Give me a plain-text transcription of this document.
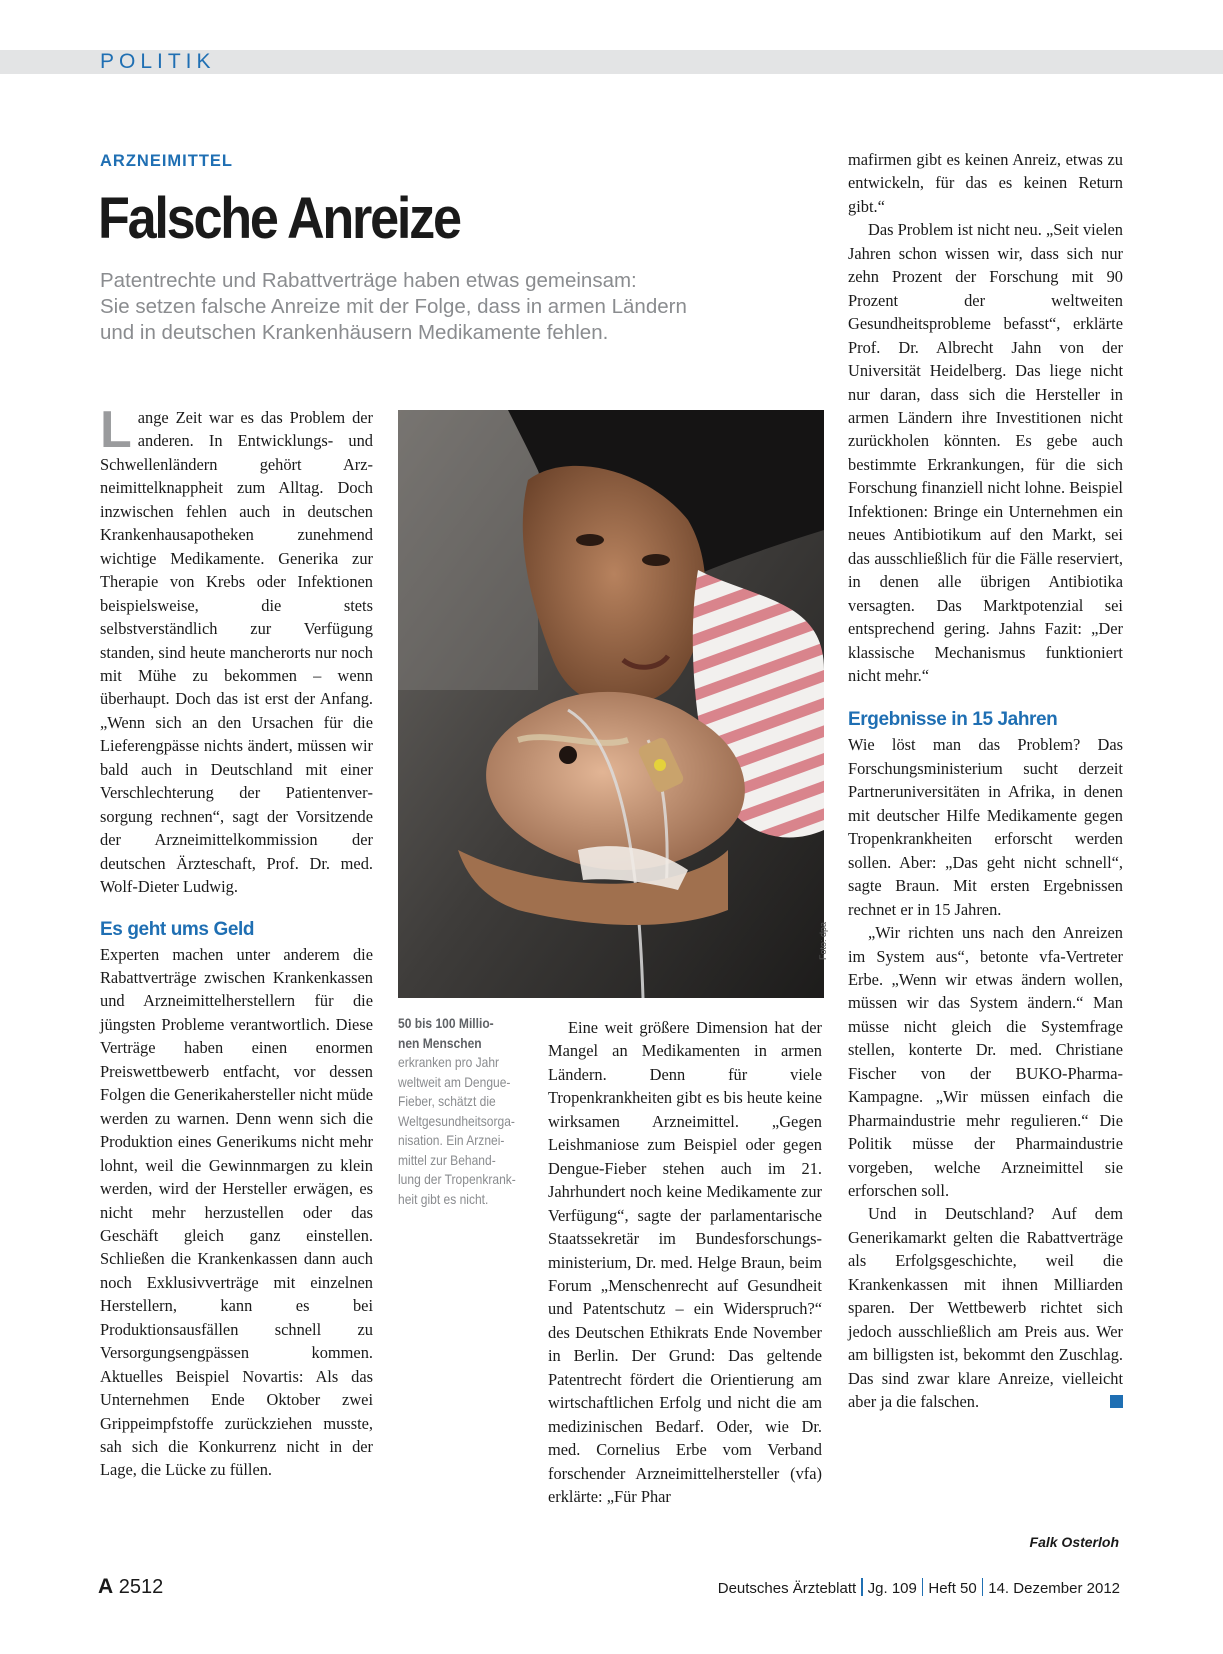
POLITIK
ARZNEIMITTEL
Falsche Anreize
Patentrechte und Rabattverträge haben etwas gemeinsam:
Sie setzen falsche Anreize mit der Folge, dass in armen Ländern
und in deutschen Krankenhäusern Medikamente fehlen.

Lange Zeit war es das Problem der anderen. In Entwicklungs- und Schwellenländern gehört Arzneimittelknappheit zum Alltag. Doch inzwischen fehlen auch in deutschen Krankenhausapotheken zunehmend wichtige Medikamente. Generika zur Therapie von Krebs oder Infektionen beispielsweise, die stets selbstverständlich zur Verfügung standen, sind heute mancherorts nur noch mit Mühe zu bekommen – wenn überhaupt. Doch das ist erst der Anfang. „Wenn sich an den Ursachen für die Lieferengpässe nichts ändert, müssen wir bald auch in Deutschland mit einer Verschlechterung der Patientenversorgung rechnen“, sagt der Vorsitzende der Arzneimittelkommission der deutschen Ärzteschaft, Prof. Dr. med. Wolf-Dieter Ludwig.

Es geht ums Geld

Experten machen unter anderem die Rabattverträge zwischen Krankenkassen und Arzneimittelherstellern für die jüngsten Probleme verantwortlich. Diese Verträge haben einen enormen Preiswettbewerb entfacht, vor dessen Folgen die Generikahersteller nicht müde werden zu warnen. Denn wenn sich die Produktion eines Generikums nicht mehr lohnt, weil die Gewinnmargen zu klein werden, wird der Hersteller erwägen, es nicht mehr herzustellen oder das Geschäft gleich ganz einstellen. Schließen die Krankenkassen dann auch noch Exklusivverträge mit einzelnen Herstellern, kann es bei Produktionsausfällen schnell zu Versorgungsengpässen kommen. Aktuelles Beispiel Novartis: Als das Unternehmen Ende Oktober zwei Grippeimpfstoffe zurückziehen musste, sah sich die Konkurrenz nicht in der Lage, die Lücke zu füllen.

Foto: dpa
50 bis 100 Millio-
nen Menschen
erkranken pro Jahr
weltweit am Dengue-
Fieber, schätzt die
Weltgesundheitsorga-
nisation. Ein Arznei-
mittel zur Behand-
lung der Tropenkrank-
heit gibt es nicht.

Eine weit größere Dimension hat der Mangel an Medikamenten in armen Ländern. Denn für viele Tropenkrankheiten gibt es bis heute keine wirksamen Arzneimittel. „Gegen Leishmaniose zum Beispiel oder gegen Dengue-Fieber stehen auch im 21. Jahrhundert noch keine Medikamente zur Verfügung“, sagte der parlamentarische Staatssekretär im Bundesforschungsministerium, Dr. med. Helge Braun, beim Forum „Menschenrecht auf Gesundheit und Patentschutz – ein Widerspruch?“ des Deutschen Ethikrats Ende November in Berlin. Der Grund: Das geltende Patentrecht fördert die Orientierung am wirtschaftlichen Erfolg und nicht die am medizinischen Bedarf. Oder, wie Dr. med. Cornelius Erbe vom Verband forschender Arzneimittelhersteller (vfa) erklärte: „Für Phar

mafirmen gibt es keinen Anreiz, etwas zu entwickeln, für das es keinen Return gibt.“

Das Problem ist nicht neu. „Seit vielen Jahren schon wissen wir, dass sich nur zehn Prozent der Forschung mit 90 Prozent der weltweiten Gesundheitsprobleme befasst“, erklärte Prof. Dr. Albrecht Jahn von der Universität Heidelberg. Das liege nicht nur daran, dass sich die Hersteller in armen Ländern ihre Investitionen nicht zurückholen könnten. Es gebe auch bestimmte Erkrankungen, für die sich Forschung finanziell nicht lohne. Beispiel Infektionen: Bringe ein Unternehmen ein neues Antibiotikum auf den Markt, sei das ausschließlich für die Fälle reserviert, in denen alle übrigen Antibiotika versagten. Das Marktpotenzial sei entsprechend gering. Jahns Fazit: „Der klassische Mechanismus funktioniert nicht mehr.“

Ergebnisse in 15 Jahren

Wie löst man das Problem? Das Forschungsministerium sucht derzeit Partneruniversitäten in Afrika, in denen mit deutscher Hilfe Medikamente gegen Tropenkrankheiten erforscht werden sollen. Aber: „Das geht nicht schnell“, sagte Braun. Mit ersten Ergebnissen rechnet er in 15 Jahren.

„Wir richten uns nach den Anreizen im System aus“, betonte vfa-Vertreter Erbe. „Wenn wir etwas ändern wollen, müssen wir das System ändern.“ Man müsse nicht gleich die Systemfrage stellen, konterte Dr. med. Christiane Fischer von der BUKO-Pharma-Kampagne. „Wir müssen einfach die Pharmaindustrie mehr regulieren.“ Die Politik müsse der Pharmaindustrie vorgeben, welche Arzneimittel sie erforschen soll.

Und in Deutschland? Auf dem Generikamarkt gelten die Rabattverträge als Erfolgsgeschichte, weil die Krankenkassen mit ihnen Milliarden sparen. Der Wettbewerb richtet sich jedoch ausschließlich am Preis aus. Wer am billigsten ist, bekommt den Zuschlag. Das sind zwar klare Anreize, vielleicht aber ja die falschen.

Falk Osterloh
A 2512	Deutsches Ärzteblatt Jg. 109 Heft 50 14. Dezember 2012
